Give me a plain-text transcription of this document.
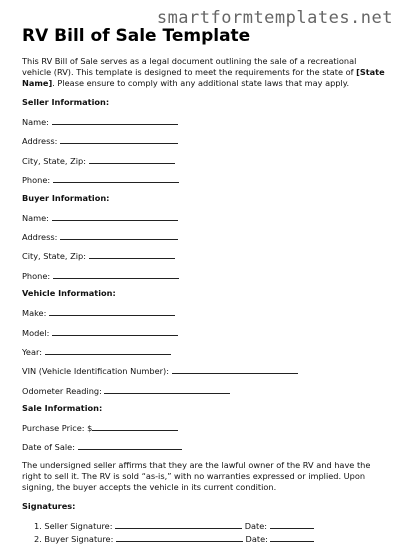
smartformtemplates.net
RV Bill of Sale Template

This RV Bill of Sale serves as a legal document outlining the sale of a recreational vehicle (RV). This template is designed to meet the requirements for the state of [State Name]. Please ensure to comply with any additional state laws that may apply.

Seller Information:
Name:
Address:
City, State, Zip:
Phone:
Buyer Information:
Name:
Address:
City, State, Zip:
Phone:
Vehicle Information:
Make:
Model:
Year:
VIN (Vehicle Identification Number):
Odometer Reading:
Sale Information:
Purchase Price: $
Date of Sale:

The undersigned seller affirms that they are the lawful owner of the RV and have the right to sell it. The RV is sold “as-is,” with no warranties expressed or implied. Upon signing, the buyer accepts the vehicle in its current condition.

Signatures:
1. Seller Signature:	Date:
2. Buyer Signature:	Date:
